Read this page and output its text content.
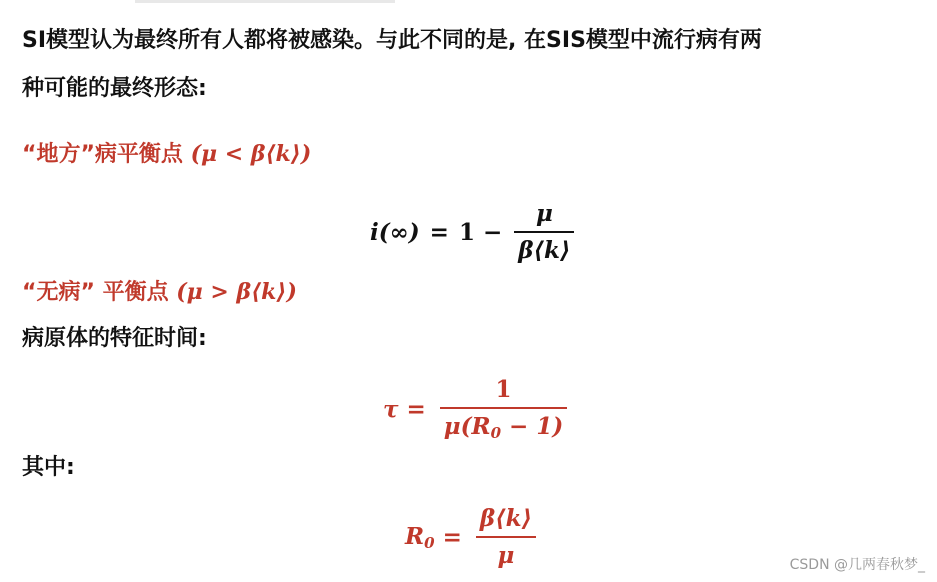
SI模型认为最终所有人都将被感染。与此不同的是, 在SIS模型中流行病有两
种可能的最终形态:
“地方”病平衡点 (μ < β⟨k⟩)
$i(\infty) = 1 - \frac{\mu}{\beta⟨k⟩}$
“无病” 平衡点 (μ > β⟨k⟩)
病原体的特征时间:
$\tau = \frac{1}{\mu(R_0 - 1)}$
其中:
$R_0 = \frac{\beta⟨k⟩}{\mu}$	CSDN @几两春秋梦_
